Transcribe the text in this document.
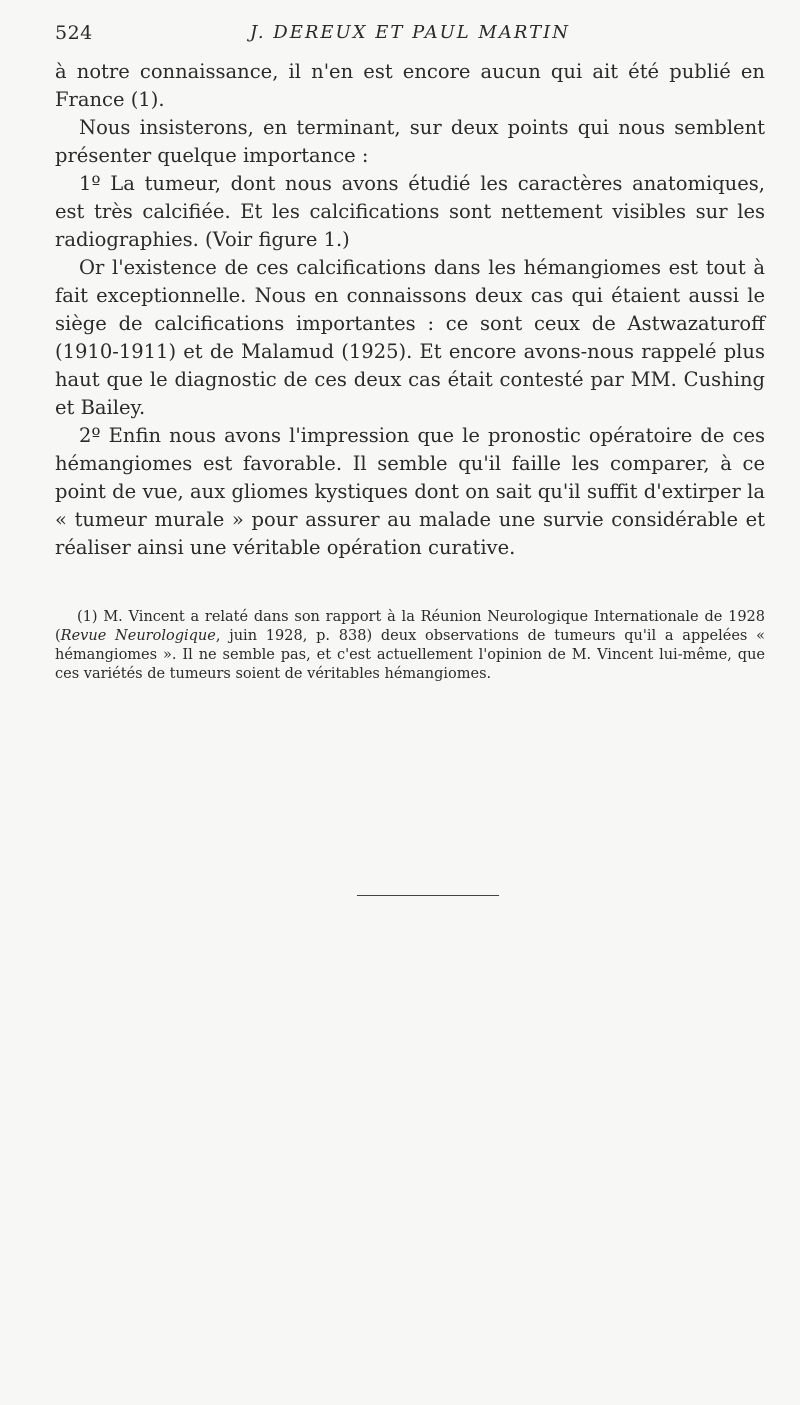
524	J. DEREUX ET PAUL MARTIN

à notre connaissance, il n'en est encore aucun qui ait été publié en France (1).

Nous insisterons, en terminant, sur deux points qui nous semblent présenter quelque importance :

1º La tumeur, dont nous avons étudié les caractères anatomiques, est très calcifiée. Et les calcifications sont nettement visibles sur les radiographies. (Voir figure 1.)

Or l'existence de ces calcifications dans les hémangiomes est tout à fait exceptionnelle. Nous en connaissons deux cas qui étaient aussi le siège de calcifications importantes : ce sont ceux de Astwazaturoff (1910-1911) et de Malamud (1925). Et encore avons-nous rappelé plus haut que le diagnostic de ces deux cas était contesté par MM. Cushing et Bailey.

2º Enfin nous avons l'impression que le pronostic opératoire de ces hémangiomes est favorable. Il semble qu'il faille les comparer, à ce point de vue, aux gliomes kystiques dont on sait qu'il suffit d'extirper la « tumeur murale » pour assurer au malade une survie considérable et réaliser ainsi une véritable opération curative.

(1) M. Vincent a relaté dans son rapport à la Réunion Neurologique Internationale de 1928 (Revue Neurologique, juin 1928, p. 838) deux observations de tumeurs qu'il a appelées « hémangiomes ». Il ne semble pas, et c'est actuellement l'opinion de M. Vincent lui-même, que ces variétés de tumeurs soient de véritables hémangiomes.
